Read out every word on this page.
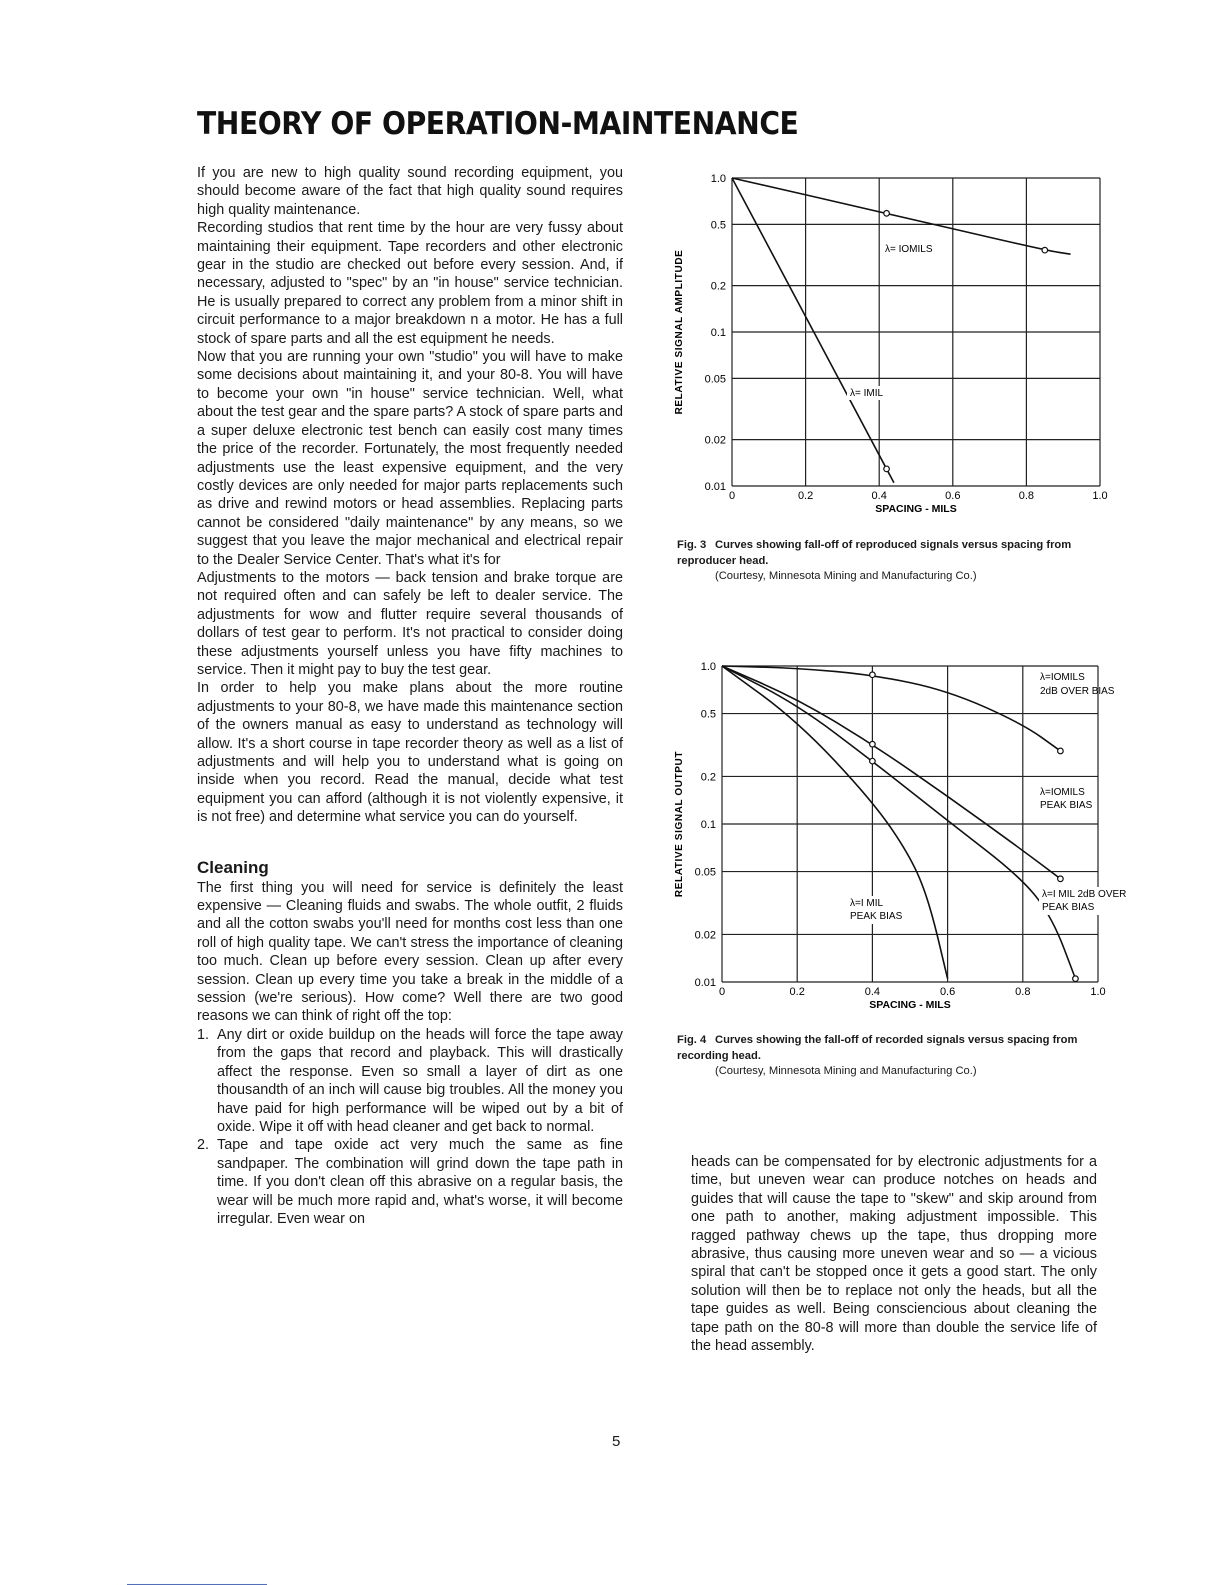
THEORY OF OPERATION-MAINTENANCE

If you are new to high quality sound recording equipment, you should become aware of the fact that high quality sound requires high quality maintenance.

Recording studios that rent time by the hour are very fussy about maintaining their equipment. Tape recorders and other electronic gear in the studio are checked out before every session. And, if necessary, adjusted to "spec" by an "in house" service technician. He is usually prepared to correct any problem from a minor shift in circuit performance to a major breakdown n a motor. He has a full stock of spare parts and all the est equipment he needs.

Now that you are running your own "studio" you will have to make some decisions about maintaining it, and your 80-8. You will have to become your own "in house" service technician. Well, what about the test gear and the spare parts? A stock of spare parts and a super deluxe electronic test bench can easily cost many times the price of the recorder. Fortunately, the most frequently needed adjustments use the least expensive equipment, and the very costly devices are only needed for major parts replacements such as drive and rewind motors or head assemblies. Replacing parts cannot be considered "daily maintenance" by any means, so we suggest that you leave the major mechanical and electrical repair to the Dealer Service Center. That's what it's for

Adjustments to the motors — back tension and brake torque are not required often and can safely be left to dealer service. The adjustments for wow and flutter require several thousands of dollars of test gear to perform. It's not practical to consider doing these adjustments yourself unless you have fifty machines to service. Then it might pay to buy the test gear.

In order to help you make plans about the more routine adjustments to your 80-8, we have made this maintenance section of the owners manual as easy to understand as technology will allow. It's a short course in tape recorder theory as well as a list of adjustments and will help you to understand what is going on inside when you record. Read the manual, decide what test equipment you can afford (although it is not violently expensive, it is not free) and determine what service you can do yourself.

Cleaning

The first thing you will need for service is definitely the least expensive — Cleaning fluids and swabs. The whole outfit, 2 fluids and all the cotton swabs you'll need for months cost less than one roll of high quality tape. We can't stress the importance of cleaning too much. Clean up before every session. Clean up after every session. Clean up every time you take a break in the middle of a session (we're serious). How come? Well there are two good reasons we can think of right off the top:

1. Any dirt or oxide buildup on the heads will force the tape away from the gaps that record and playback. This will drastically affect the response. Even so small a layer of dirt as one thousandth of an inch will cause big troubles. All the money you have paid for high performance will be wiped out by a bit of oxide. Wipe it off with head cleaner and get back to normal.
2. Tape and tape oxide act very much the same as fine sandpaper. The combination will grind down the tape path in time. If you don't clean off this abrasive on a regular basis, the wear will be much more rapid and, what's worse, it will become irregular. Even wear on
1.0
0.5
0.2
0.1
0.05
0.02
0.01
0	0.2	0.4	0.6	0.8	1.0
SPACING - MILS
RELATIVE SIGNAL AMPLITUDE
λ= IOMILS
λ= IMIL
Fig. 3 Curves showing fall-off of reproduced signals versus spacing from reproducer head.
(Courtesy, Minnesota Mining and Manufacturing Co.)
1.0
0.5
0.2
0.1
0.05
0.02
0.01
0	0.2	0.4	0.6	0.8	1.0
SPACING - MILS
RELATIVE SIGNAL OUTPUT
λ=IOMILS
2dB OVER BIAS
λ=IOMILS
PEAK BIAS
λ=I MIL 2dB OVER
PEAK BIAS
λ=I MIL
PEAK BIAS
Fig. 4 Curves showing the fall-off of recorded signals versus spacing from recording head.
(Courtesy, Minnesota Mining and Manufacturing Co.)

heads can be compensated for by electronic adjustments for a time, but uneven wear can produce notches on heads and guides that will cause the tape to "skew" and skip around from one path to another, making adjustment impossible. This ragged pathway chews up the tape, thus dropping more abrasive, thus causing more uneven wear and so — a vicious spiral that can't be stopped once it gets a good start. The only solution will then be to replace not only the heads, but all the tape guides as well. Being consciencious about cleaning the tape path on the 80-8 will more than double the service life of the head assembly.

5
